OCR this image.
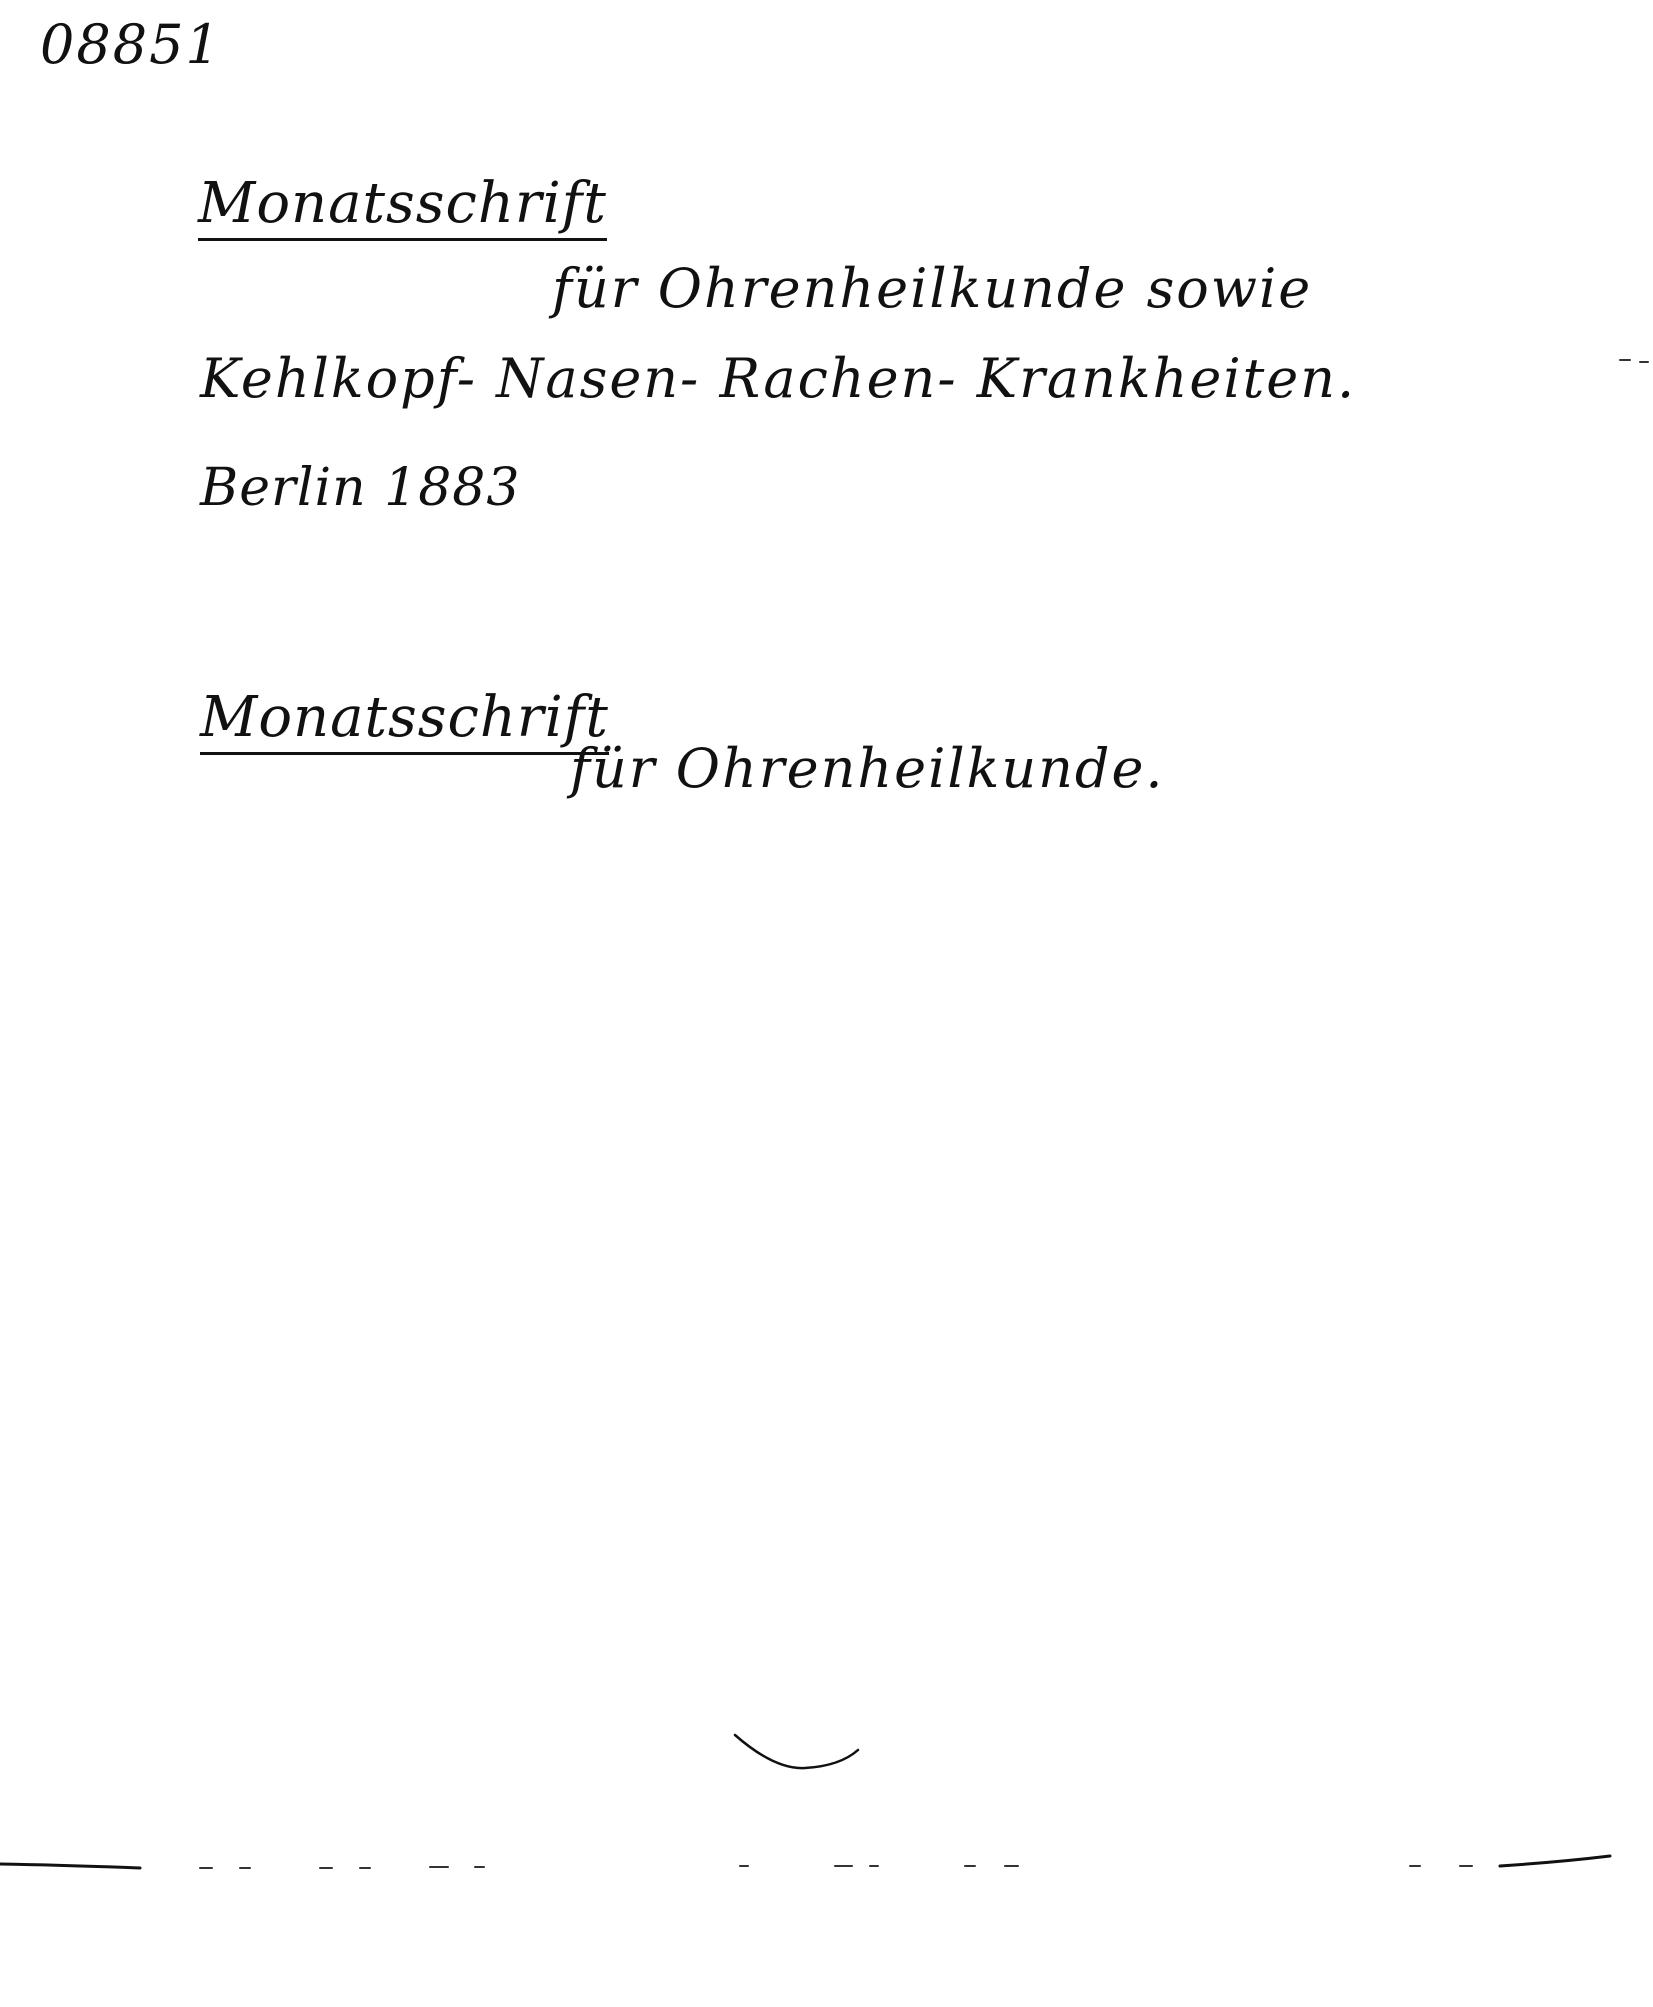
08851
Monatsschrift
für Ohrenheilkunde sowie
Kehlkopf- Nasen- Rachen- Krankheiten.
Berlin 1883
Monatsschrift
für Ohrenheilkunde.
